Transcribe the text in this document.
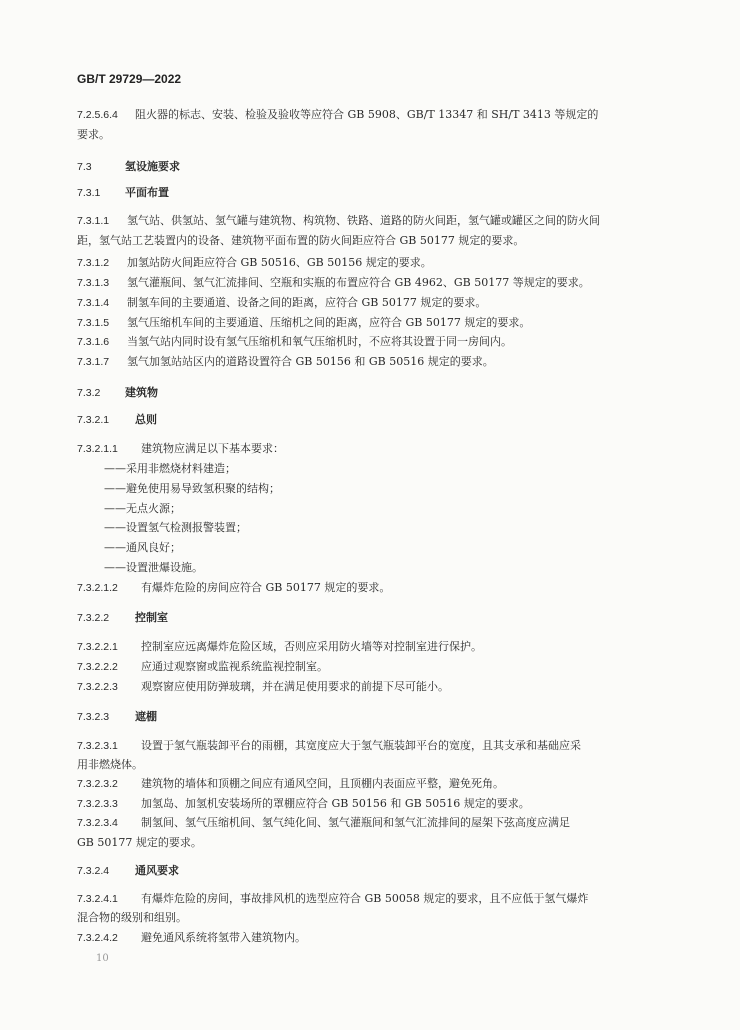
GB/T 29729—2022
7.2.5.6.4 阻火器的标志、安装、检验及验收等应符合 GB 5908、GB/T 13347 和 SH/T 3413 等规定的
要求。
7.3	氢设施要求
7.3.1 平面布置
7.3.1.1 氢气站、供氢站、氢气罐与建筑物、构筑物、铁路、道路的防火间距，氢气罐或罐区之间的防火间
距，氢气站工艺装置内的设备、建筑物平面布置的防火间距应符合 GB 50177 规定的要求。
7.3.1.2 加氢站防火间距应符合 GB 50516、GB 50156 规定的要求。
7.3.1.3 氢气灌瓶间、氢气汇流排间、空瓶和实瓶的布置应符合 GB 4962、GB 50177 等规定的要求。
7.3.1.4 制氢车间的主要通道、设备之间的距离，应符合 GB 50177 规定的要求。
7.3.1.5 氢气压缩机车间的主要通道、压缩机之间的距离，应符合 GB 50177 规定的要求。
7.3.1.6 当氢气站内同时设有氢气压缩机和氧气压缩机时，不应将其设置于同一房间内。
7.3.1.7 氢气加氢站站区内的道路设置符合 GB 50156 和 GB 50516 规定的要求。
7.3.2 建筑物
7.3.2.1 总则
7.3.2.1.1 建筑物应满足以下基本要求：
——采用非燃烧材料建造；
——避免使用易导致氢积聚的结构；
——无点火源；
——设置氢气检测报警装置；
——通风良好；
——设置泄爆设施。
7.3.2.1.2 有爆炸危险的房间应符合 GB 50177 规定的要求。
7.3.2.2 控制室
7.3.2.2.1 控制室应远离爆炸危险区域，否则应采用防火墙等对控制室进行保护。
7.3.2.2.2 应通过观察窗或监视系统监视控制室。
7.3.2.2.3 观察窗应使用防弹玻璃，并在满足使用要求的前提下尽可能小。
7.3.2.3 遮棚
7.3.2.3.1 设置于氢气瓶装卸平台的雨棚，其宽度应大于氢气瓶装卸平台的宽度，且其支承和基础应采
用非燃烧体。
7.3.2.3.2 建筑物的墙体和顶棚之间应有通风空间，且顶棚内表面应平整，避免死角。
7.3.2.3.3 加氢岛、加氢机安装场所的罩棚应符合 GB 50156 和 GB 50516 规定的要求。
7.3.2.3.4 制氢间、氢气压缩机间、氢气纯化间、氢气灌瓶间和氢气汇流排间的屋架下弦高度应满足
GB 50177 规定的要求。
7.3.2.4 通风要求
7.3.2.4.1 有爆炸危险的房间，事故排风机的选型应符合 GB 50058 规定的要求，且不应低于氢气爆炸
混合物的级别和组别。
7.3.2.4.2 避免通风系统将氢带入建筑物内。
10
